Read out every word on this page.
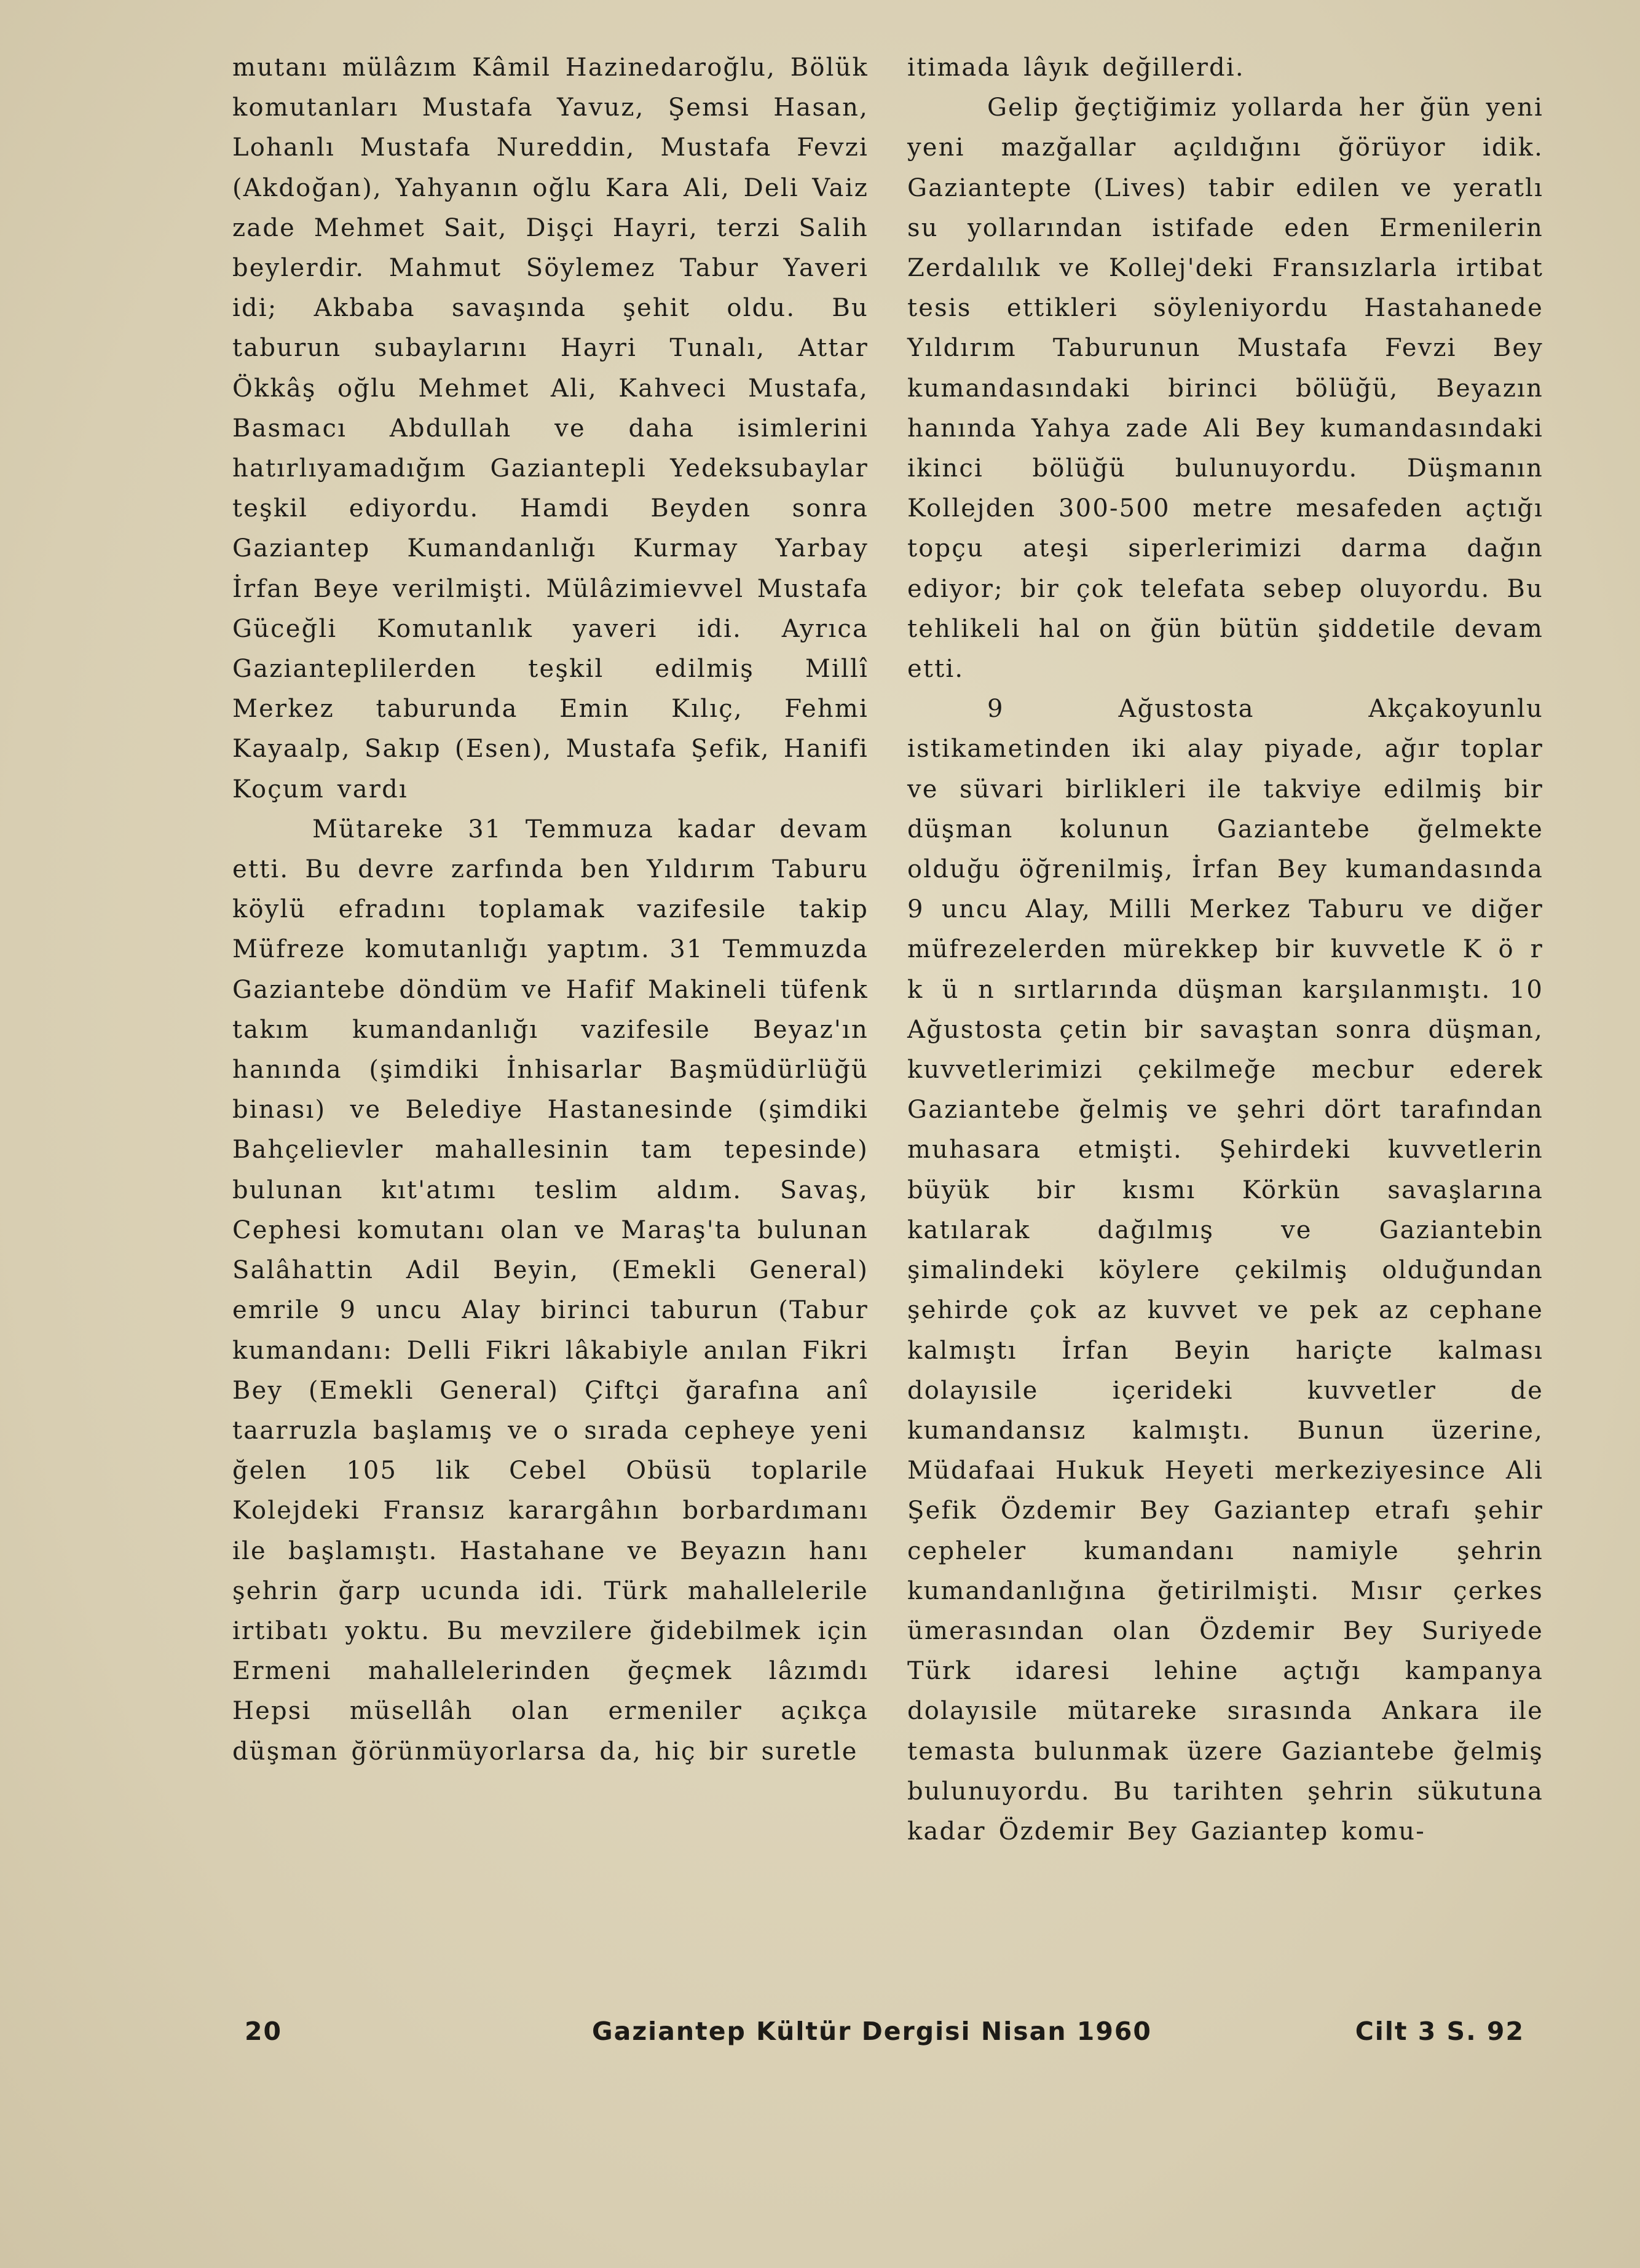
mutanı mülâzım Kâmil Hazinedaroğlu, Bölük komutanları Mustafa Yavuz, Şemsi Hasan, Lohanlı Mustafa Nureddin, Mustafa Fevzi (Akdoğan), Yahyanın oğlu Kara Ali, Deli Vaiz zade Mehmet Sait, Dişçi Hayri, terzi Salih beylerdir. Mahmut Söylemez Tabur Yaveri idi; Akbaba savaşında şehit oldu. Bu taburun subaylarını Hayri Tunalı, Attar Ökkâş oğlu Mehmet Ali, Kahveci Mustafa, Basmacı Abdullah ve daha isimlerini hatırlıyamadığım Gaziantepli Yedeksubaylar teşkil ediyordu. Hamdi Beyden sonra Gaziantep Kumandanlığı Kurmay Yarbay İrfan Beye verilmişti. Mülâzimievvel Mustafa Güceğli Komutanlık yaveri idi. Ayrıca Gazianteplilerden teşkil edilmiş Millî Merkez taburunda Emin Kılıç, Fehmi Kayaalp, Sakıp (Esen), Mustafa Şefik, Hanifi Koçum vardı

Mütareke 31 Temmuza kadar devam etti. Bu devre zarfında ben Yıldırım Taburu köylü efradını toplamak vazifesile takip Müfreze komutanlığı yaptım. 31 Temmuzda Gaziantebe döndüm ve Hafif Makineli tüfenk takım kumandanlığı vazifesile Beyaz'ın hanında (şimdiki İnhisarlar Başmüdürlüğü binası) ve Belediye Hastanesinde (şimdiki Bahçelievler mahallesinin tam tepesinde) bulunan kıt'atımı teslim aldım. Savaş, Cephesi komutanı olan ve Maraş'ta bulunan Salâhattin Adil Beyin, (Emekli General) emrile 9 uncu Alay birinci taburun (Tabur kumandanı: Delli Fikri lâkabiyle anılan Fikri Bey (Emekli General) Çiftçi ğarafına anî taarruzla başlamış ve o sırada cepheye yeni ğelen 105 lik Cebel Obüsü toplarile Kolejdeki Fransız karargâhın borbardımanı ile başlamıştı. Hastahane ve Beyazın hanı şehrin ğarp ucunda idi. Türk mahallelerile irtibatı yoktu. Bu mevzilere ğidebilmek için Ermeni mahallelerinden ğeçmek lâzımdı Hepsi müsellâh olan ermeniler açıkça düşman ğörünmüyorlarsa da, hiç bir suretle

itimada lâyık değillerdi.

Gelip ğeçtiğimiz yollarda her ğün yeni yeni mazğallar açıldığını ğörüyor idik. Gaziantepte (Lives) tabir edilen ve yeratlı su yollarından istifade eden Ermenilerin Zerdalılık ve Kollej'deki Fransızlarla irtibat tesis ettikleri söyleniyordu Hastahanede Yıldırım Taburunun Mustafa Fevzi Bey kumandasındaki birinci bölüğü, Beyazın hanında Yahya zade Ali Bey kumandasındaki ikinci bölüğü bulunuyordu. Düşmanın Kollejden 300-500 metre mesafeden açtığı topçu ateşi siperlerimizi darma dağın ediyor; bir çok telefata sebep oluyordu. Bu tehlikeli hal on ğün bütün şiddetile devam etti.

9 Ağustosta Akçakoyunlu istikametinden iki alay piyade, ağır toplar ve süvari birlikleri ile takviye edilmiş bir düşman kolunun Gaziantebe ğelmekte olduğu öğrenilmiş, İrfan Bey kumandasında 9 uncu Alay, Milli Merkez Taburu ve diğer müfrezelerden mürekkep bir kuvvetle K ö r k ü n sırtlarında düşman karşılanmıştı. 10 Ağustosta çetin bir savaştan sonra düşman, kuvvetlerimizi çekilmeğe mecbur ederek Gaziantebe ğelmiş ve şehri dört tarafından muhasara etmişti. Şehirdeki kuvvetlerin büyük bir kısmı Körkün savaşlarına katılarak dağılmış ve Gaziantebin şimalindeki köylere çekilmiş olduğundan şehirde çok az kuvvet ve pek az cephane kalmıştı İrfan Beyin hariçte kalması dolayısile içerideki kuvvetler de kumandansız kalmıştı. Bunun üzerine, Müdafaai Hukuk Heyeti merkeziyesince Ali Şefik Özdemir Bey Gaziantep etrafı şehir cepheler kumandanı namiyle şehrin kumandanlığına ğetirilmişti. Mısır çerkes ümerasından olan Özdemir Bey Suriyede Türk idaresi lehine açtığı kampanya dolayısile mütareke sırasında Ankara ile temasta bulunmak üzere Gaziantebe ğelmiş bulunuyordu. Bu tarihten şehrin sükutuna kadar Özdemir Bey Gaziantep komu-

20	Gaziantep Kültür Dergisi Nisan 1960	Cilt 3 S. 92
